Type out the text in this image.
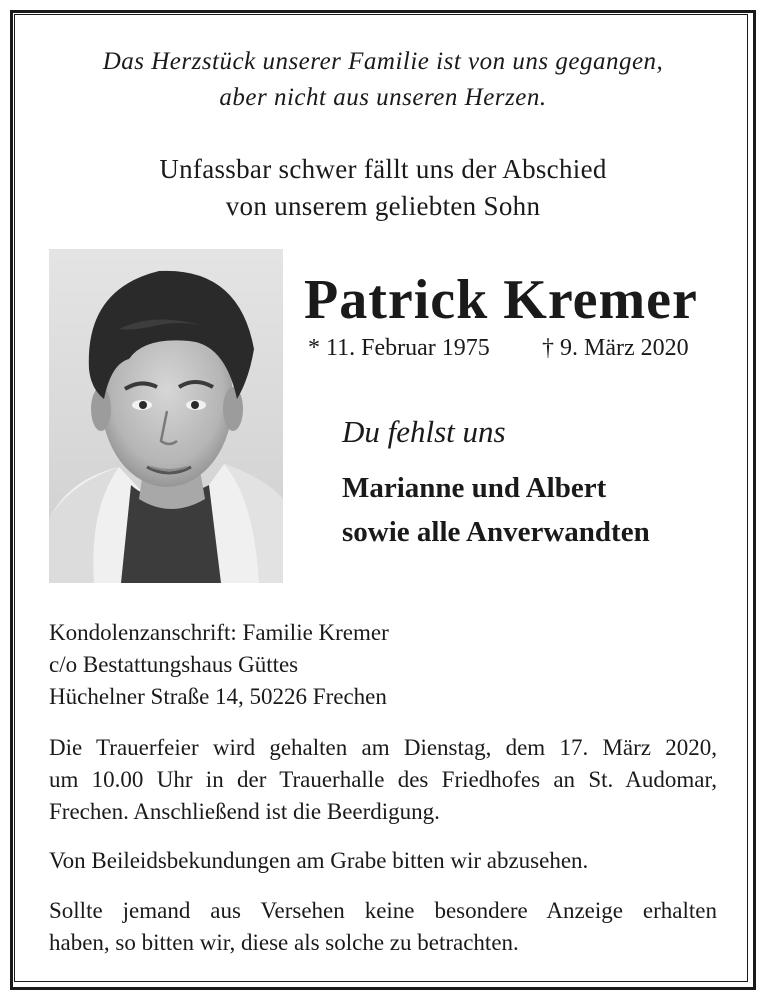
Das Herzstück unserer Familie ist von uns gegangen,
aber nicht aus unseren Herzen.
Unfassbar schwer fällt uns der Abschied
von unserem geliebten Sohn
Patrick Kremer
* 11. Februar 1975 † 9. März 2020
Du fehlst uns
Marianne und Albert
sowie alle Anverwandten
Kondolenzanschrift: Familie Kremer
c/o Bestattungshaus Güttes
Hüchelner Straße 14, 50226 Frechen
Die Trauerfeier wird gehalten am Dienstag, dem 17. März 2020,
um 10.00 Uhr in der Trauerhalle des Friedhofes an St. Audomar,
Frechen. Anschließend ist die Beerdigung.
Von Beileidsbekundungen am Grabe bitten wir abzusehen.
Sollte jemand aus Versehen keine besondere Anzeige erhalten
haben, so bitten wir, diese als solche zu betrachten.
